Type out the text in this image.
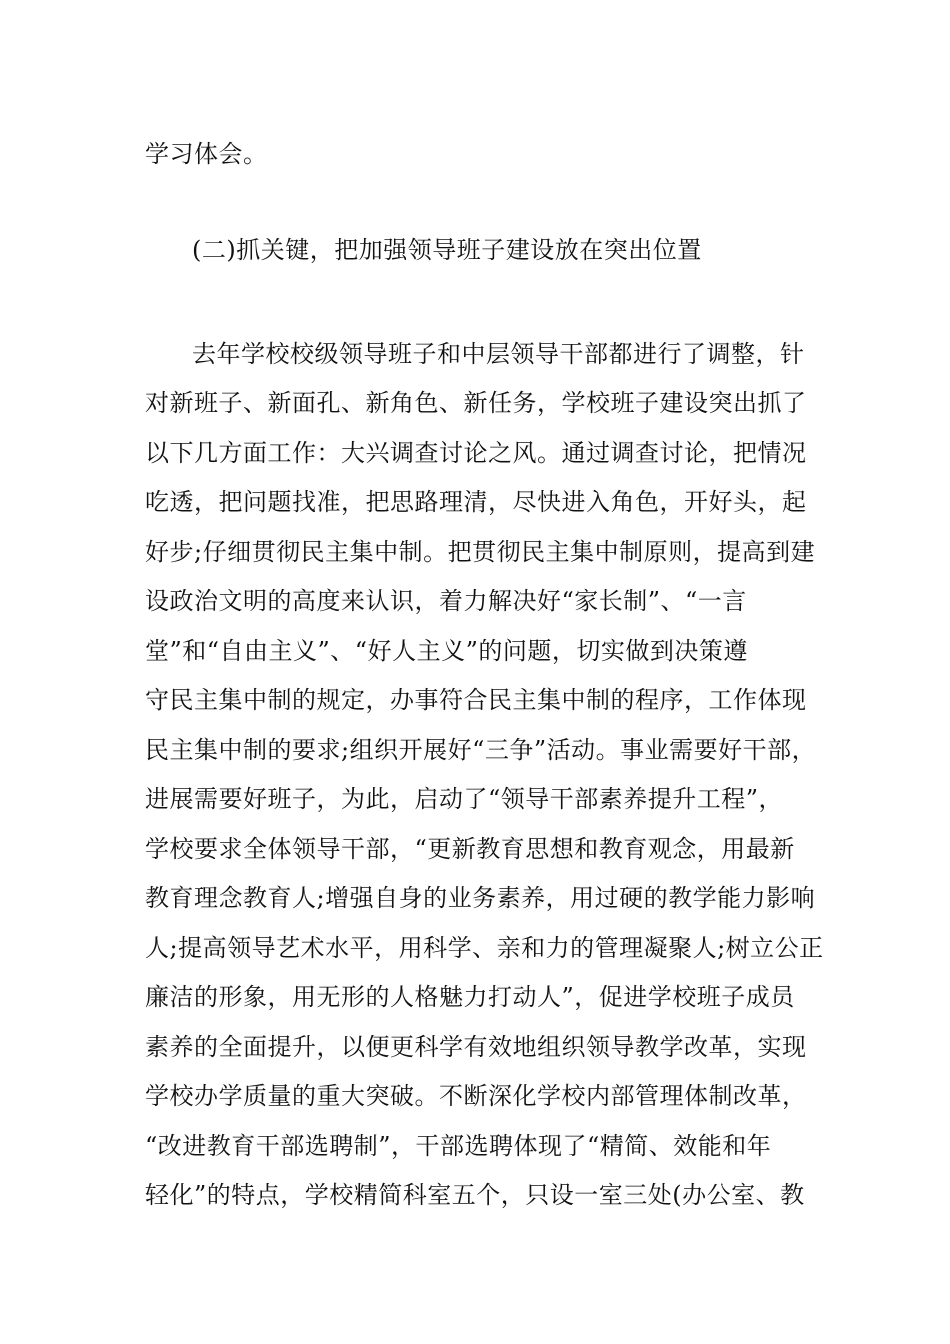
学习体会。

(二)抓关键，把加强领导班子建设放在突出位置

去年学校校级领导班子和中层领导干部都进行了调整，针

对新班子、新面孔、新角色、新任务，学校班子建设突出抓了

以下几方面工作：大兴调查讨论之风。通过调查讨论，把情况

吃透，把问题找准，把思路理清，尽快进入角色，开好头，起

好步;仔细贯彻民主集中制。把贯彻民主集中制原则，提高到建

设政治文明的高度来认识，着力解决好“家长制”、“一言

堂”和“自由主义”、“好人主义”的问题，切实做到决策遵

守民主集中制的规定，办事符合民主集中制的程序，工作体现

民主集中制的要求;组织开展好“三争”活动。事业需要好干部，

进展需要好班子，为此，启动了“领导干部素养提升工程”，

学校要求全体领导干部，“更新教育思想和教育观念，用最新

教育理念教育人;增强自身的业务素养，用过硬的教学能力影响

人;提高领导艺术水平，用科学、亲和力的管理凝聚人;树立公正

廉洁的形象，用无形的人格魅力打动人”，促进学校班子成员

素养的全面提升，以便更科学有效地组织领导教学改革，实现

学校办学质量的重大突破。不断深化学校内部管理体制改革，

“改进教育干部选聘制”，干部选聘体现了“精简、效能和年

轻化”的特点，学校精简科室五个，只设一室三处(办公室、教
